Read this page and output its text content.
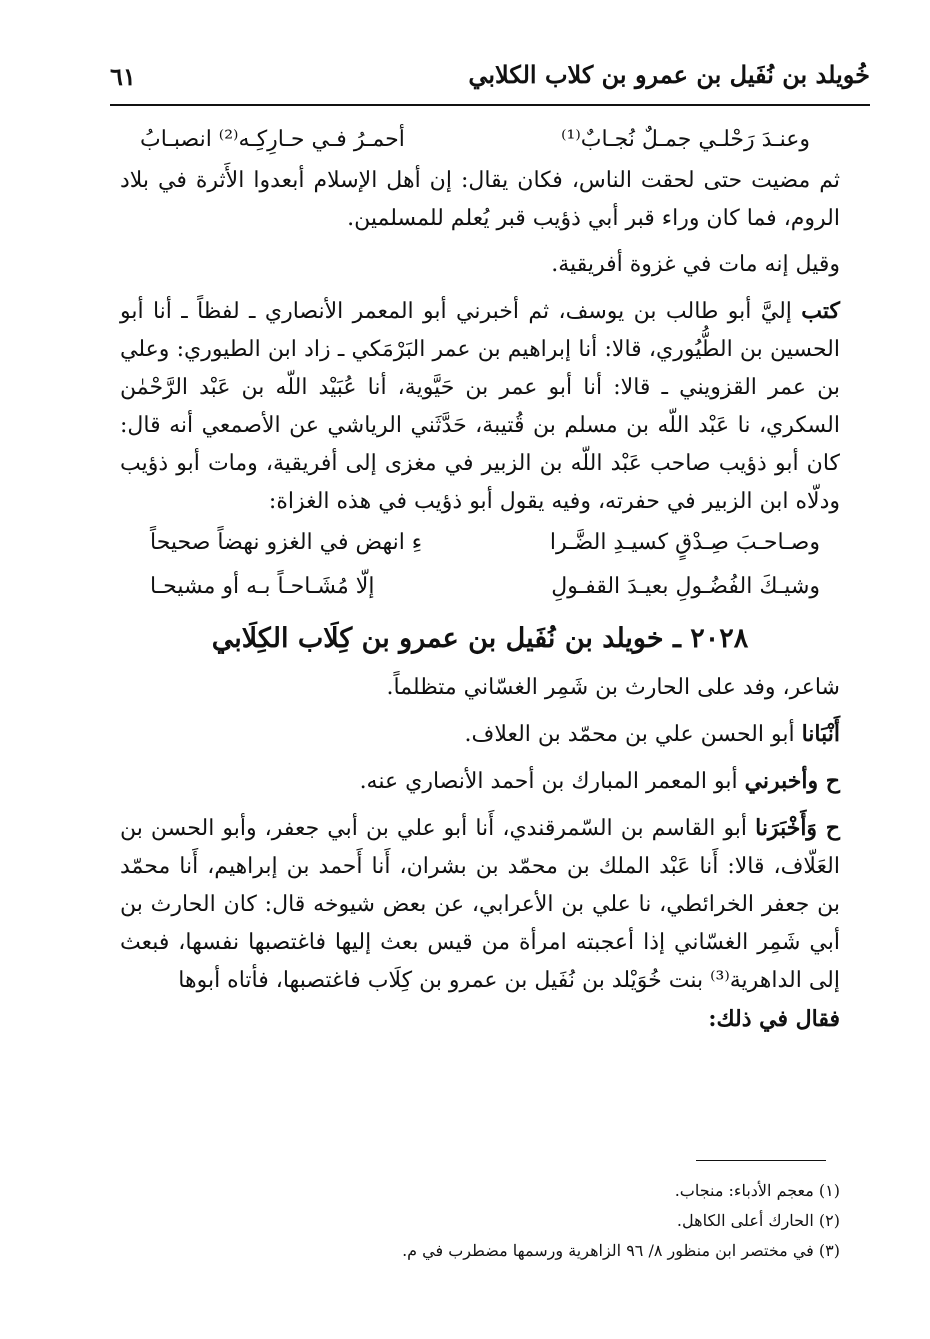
خُويلد بن نُفَيل بن عمرو بن كلاب الكلابي
٦١
وعنـدَ رَحْلـي جمـلٌ نُجـابٌ⁽¹⁾
أحمـرُ فـي حـارِكِـه⁽²⁾ انصبـابُ

ثم مضيت حتى لحقت الناس، فكان يقال: إن أهل الإسلام أبعدوا الأَثرة في بلاد الروم، فما كان وراء قبر أبي ذؤيب قبر يُعلم للمسلمين.

وقيل إنه مات في غزوة أفريقية.

كتب إليَّ أبو طالب بن يوسف، ثم أخبرني أبو المعمر الأنصاري ـ لفظاً ـ أنا أبو الحسين بن الطُّيُوري، قالا: أنا إبراهيم بن عمر البَرْمَكي ـ زاد ابن الطيوري: وعلي بن عمر القزويني ـ قالا: أنا أبو عمر بن حَيَّوية، أنا عُبَيْد اللّه بن عَبْد الرَّحْمٰن السكري، نا عَبْد اللّه بن مسلم بن قُتيبة، حَدَّثَني الرياشي عن الأصمعي أنه قال: كان أبو ذؤيب صاحب عَبْد اللّه بن الزبير في مغزى إلى أفريقية، ومات أبو ذؤيب ودلّاه ابن الزبير في حفرته، وفيه يقول أبو ذؤيب في هذه الغزاة:

وصـاحـبَ صِـدْقٍ كسيـدِ الضَّـرا
ءِ انهض في الغزو نهضاً صحيحاً
وشيـكَ الفُضُـولِ بعيـدَ القفـولِ
إلّا مُشَـاحـاً بـه أو مشيحـا
٢٠٢٨ ـ خويلد بن نُفَيل بن عمرو بن كِلَاب الكِلَابي

شاعر، وفد على الحارث بن شَمِر الغسّاني متظلماً.

أَنْبَانا أبو الحسن علي بن محمّد بن العلاف.

ح وأخبرني أبو المعمر المبارك بن أحمد الأنصاري عنه.

ح وَأَخْبَرَنا أبو القاسم بن السّمرقندي، أَنا أبو علي بن أبي جعفر، وأبو الحسن بن العَلّاف، قالا: أَنا عَبْد الملك بن محمّد بن بشران، أَنا أَحمد بن إبراهيم، أَنا محمّد بن جعفر الخرائطي، نا علي بن الأعرابي، عن بعض شيوخه قال: كان الحارث بن أبي شَمِر الغسّاني إذا أعجبته امرأة من قيس بعث إليها فاغتصبها نفسها، فبعث إلى الداهرية⁽³⁾ بنت خُوَيْلد بن نُفَيل بن عمرو بن كِلَاب فاغتصبها، فأتاه أبوها

فقال في ذلك:

(١) معجم الأدباء: منجاب.
(٢) الحارك أعلى الكاهل.
(٣) في مختصر ابن منظور ٨/ ٩٦ الزاهرية ورسمها مضطرب في م.
